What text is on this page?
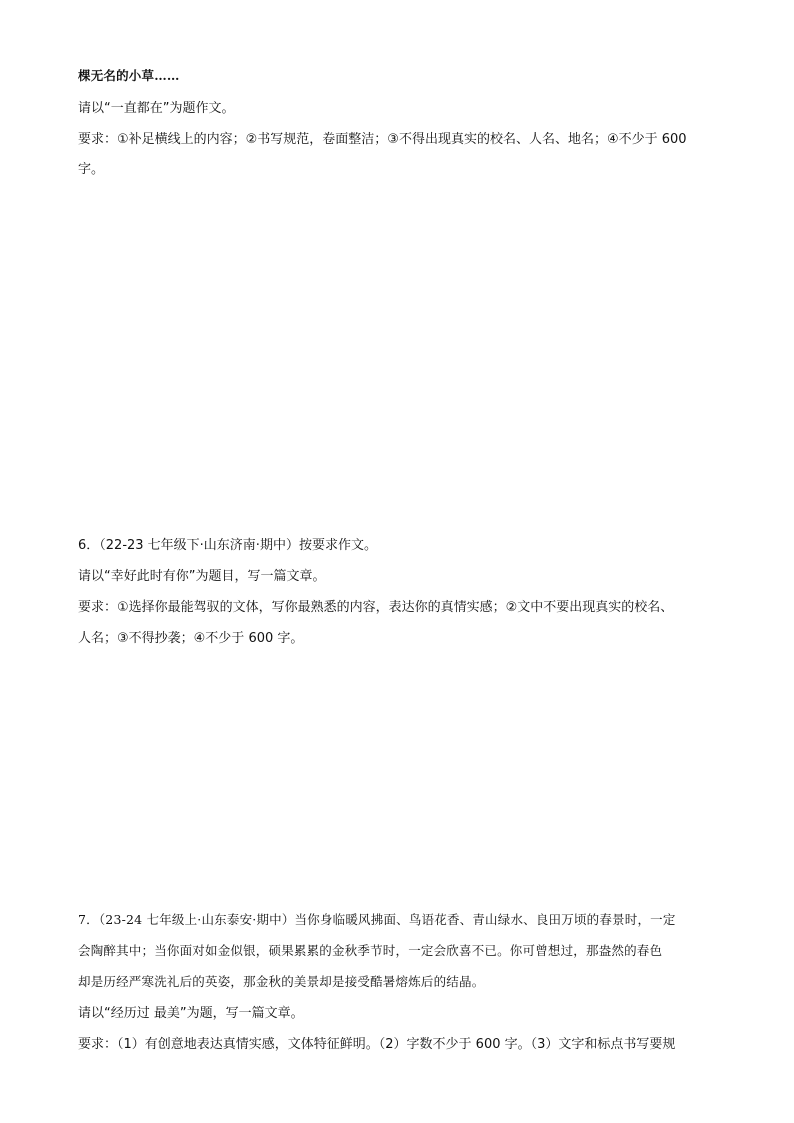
棵无名的小草……
请以“一直都在”为题作文。
要求：①补足横线上的内容；②书写规范，卷面整洁；③不得出现真实的校名、人名、地名；④不少于 600
字。
6．（22-23 七年级下·山东济南·期中）按要求作文。
请以“幸好此时有你”为题目，写一篇文章。
要求：①选择你最能驾驭的文体，写你最熟悉的内容，表达你的真情实感；②文中不要出现真实的校名、
人名；③不得抄袭；④不少于 600 字。
7．（23-24 七年级上·山东泰安·期中）当你身临暖风拂面、鸟语花香、青山绿水、良田万顷的春景时，一定
会陶醉其中；当你面对如金似银，硕果累累的金秋季节时，一定会欣喜不已。你可曾想过，那盎然的春色
却是历经严寒洗礼后的英姿，那金秋的美景却是接受酷暑熔炼后的结晶。
请以“经历过 最美”为题，写一篇文章。
要求：（1）有创意地表达真情实感，文体特征鲜明。（2）字数不少于 600 字。（3）文字和标点书写要规
